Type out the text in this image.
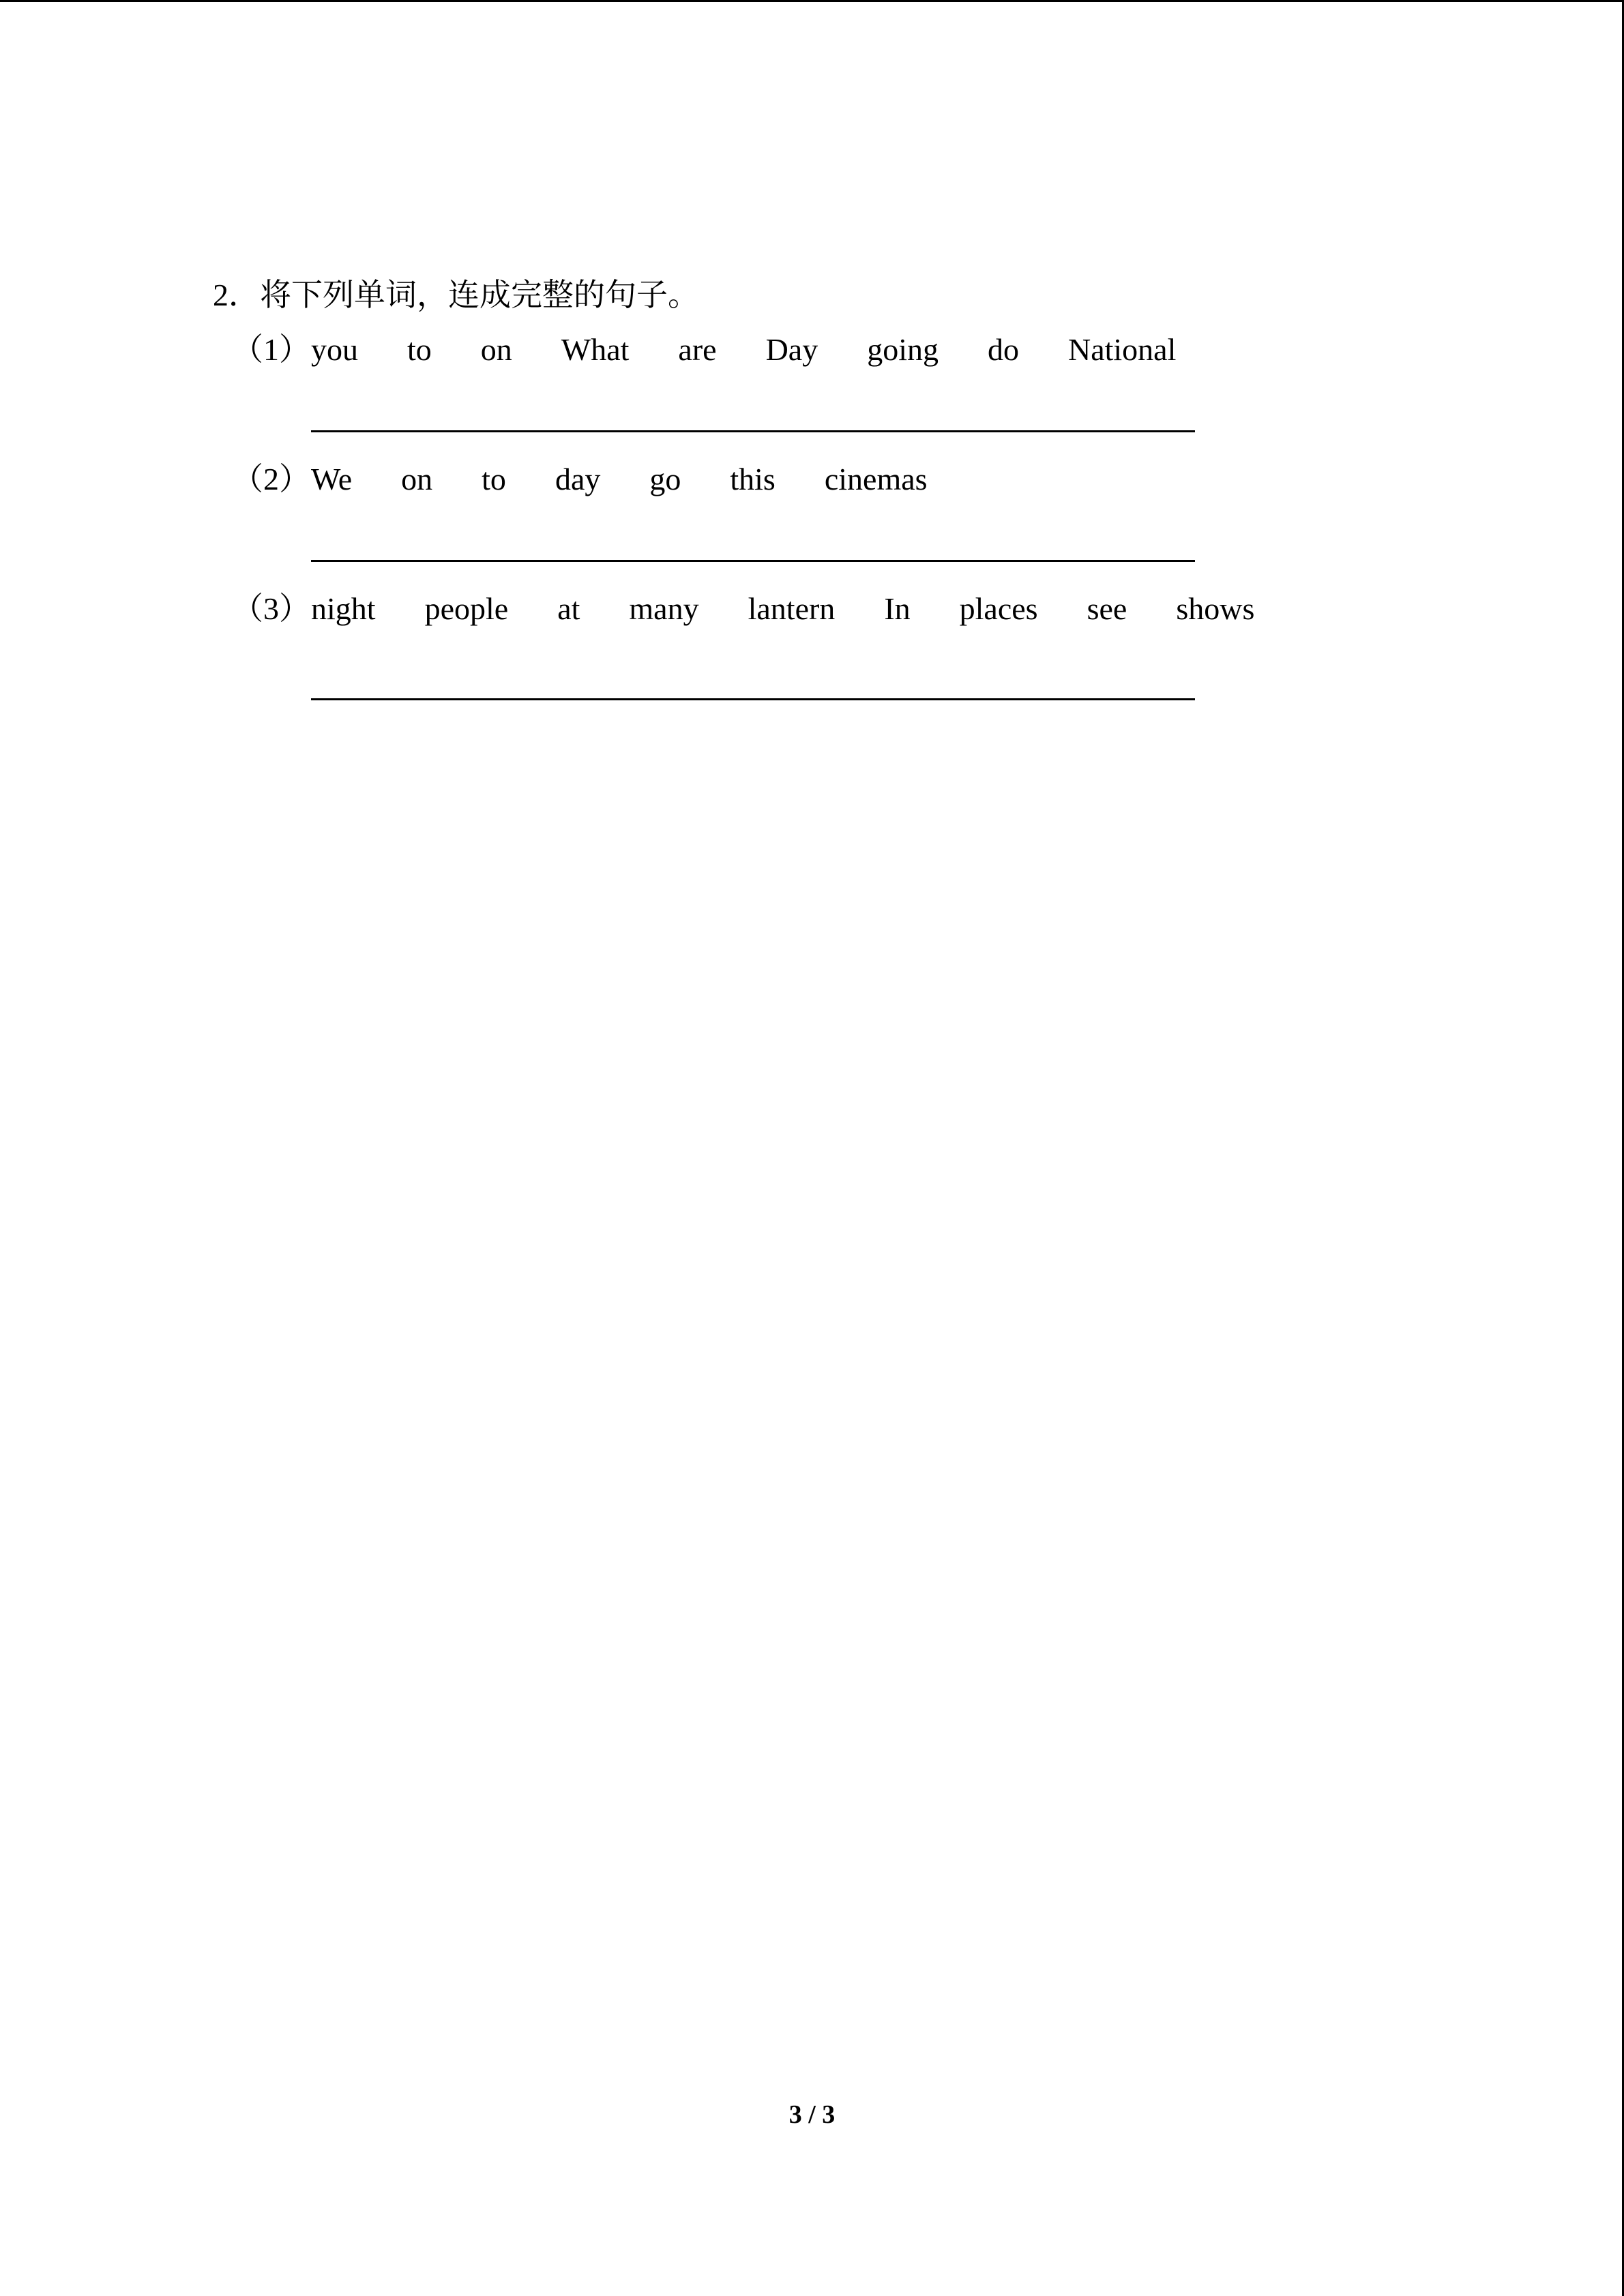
2．将下列单词，连成完整的句子。
（1） you to on What are Day going do National
（2） We on to day go this cinemas
（3） night people at many lantern In places see shows
3 / 3
